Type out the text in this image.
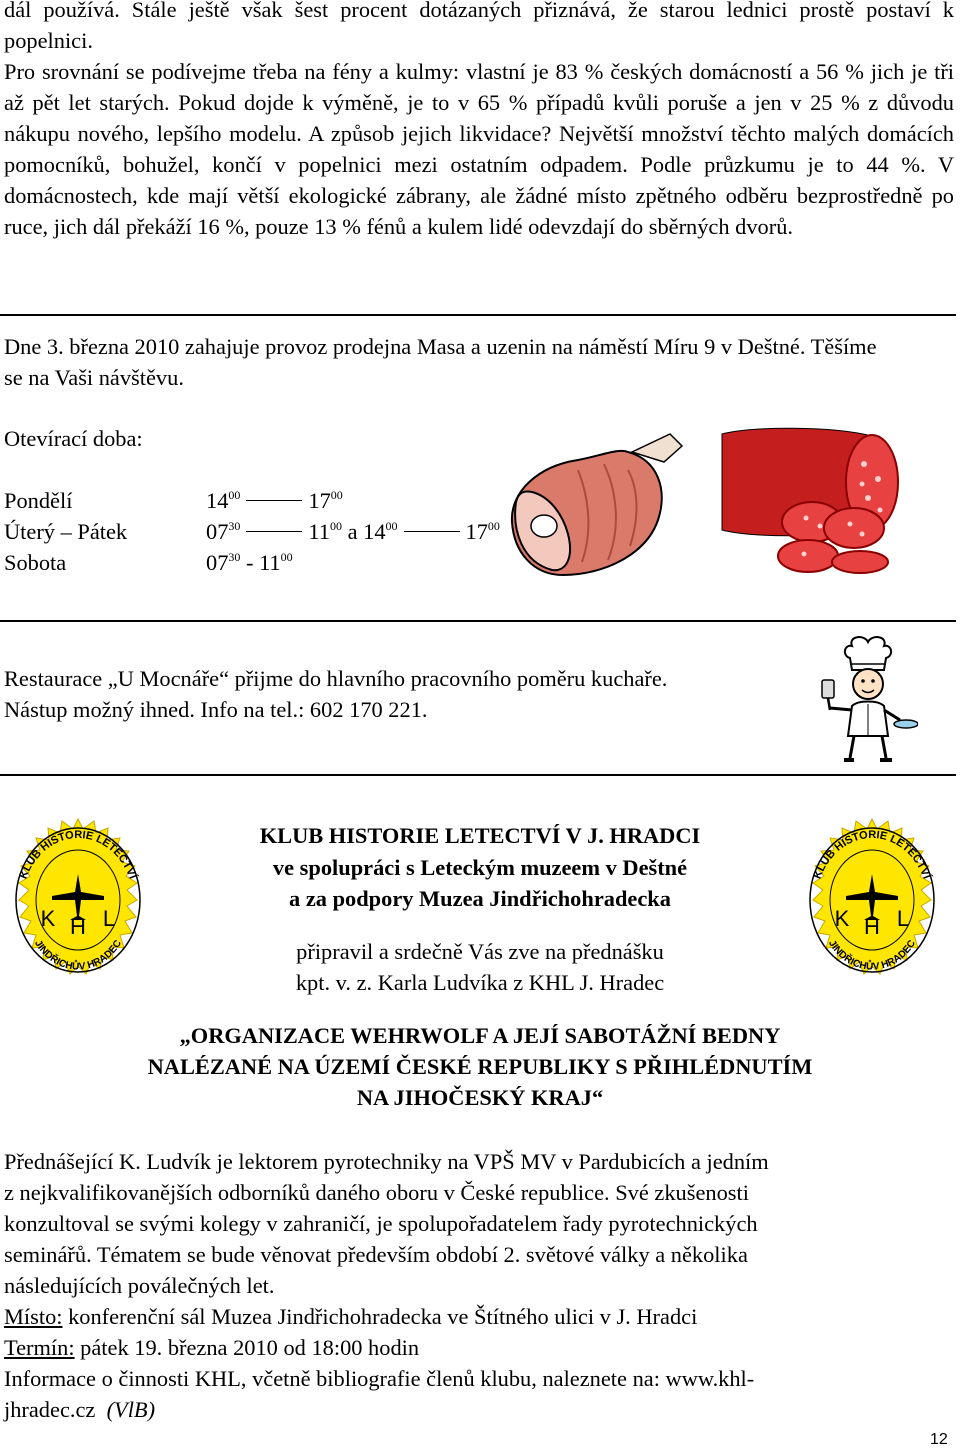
dál používá. Stále ještě však šest procent dotázaných přiznává, že starou lednici prostě postaví k popelnici.

Pro srovnání se podívejme třeba na fény a kulmy: vlastní je 83 % českých domácností a 56 % jich je tři až pět let starých. Pokud dojde k výměně, je to v 65 % případů kvůli poruše a jen v 25 % z důvodu nákupu nového, lepšího modelu. A způsob jejich likvidace? Největší množství těchto malých domácích pomocníků, bohužel, končí v popelnici mezi ostatním odpadem. Podle průzkumu je to 44 %. V domácnostech, kde mají větší ekologické zábrany, ale žádné místo zpětného odběru bezprostředně po ruce, jich dál překáží 16 %, pouze 13 % fénů a kulem lidé odevzdají do sběrných dvorů.

Dne 3. března 2010 zahajuje provoz prodejna Masa a uzenin na náměstí Míru 9 v Deštné. Těšíme se na Vaši návštěvu.

Otevírací doba:
Pondělí	$14^{00}$	$17^{00}$
Úterý – Pátek	$07^{30}$	$11^{00}$ a $14^{00}$	$17^{00}$
Sobota	$07^{30} - 11^{00}$
Restaurace „U Mocnáře“ přijme do hlavního pracovního poměru kuchaře.
Nástup možný ihned. Info na tel.: 602 170 221.
KLUB HISTORIE LETECTVÍ
JINDŘICHŮV HRADEC
K H L
KLUB HISTORIE LETECTVÍ
JINDŘICHŮV HRADEC
K H L
KLUB HISTORIE LETECTVÍ V J. HRADCI
ve spolupráci s Leteckým muzeem v Deštné
a za podpory Muzea Jindřichohradecka
připravil a srdečně Vás zve na přednášku
kpt. v. z. Karla Ludvíka z KHL J. Hradec
„ORGANIZACE WEHRWOLF A JEJÍ SABOTÁŽNÍ BEDNY
NALÉZANÉ NA ÚZEMÍ ČESKÉ REPUBLIKY S PŘIHLÉDNUTÍM
NA JIHOČESKÝ KRAJ“
Přednášející K. Ludvík je lektorem pyrotechniky na VPŠ MV v Pardubicích a jedním
z nejkvalifikovanějších odborníků daného oboru v České republice. Své zkušenosti
konzultoval se svými kolegy v zahraničí, je spolupořadatelem řady pyrotechnických
seminářů. Tématem se bude věnovat především období 2. světové války a několika
následujících poválečných let.
Místo: konferenční sál Muzea Jindřichohradecka ve Štítného ulici v J. Hradci
Termín: pátek 19. března 2010 od 18:00 hodin
Informace o činnosti KHL, včetně bibliografie členů klubu, naleznete na: www.khl-
jhradec.cz (VlB)
12
